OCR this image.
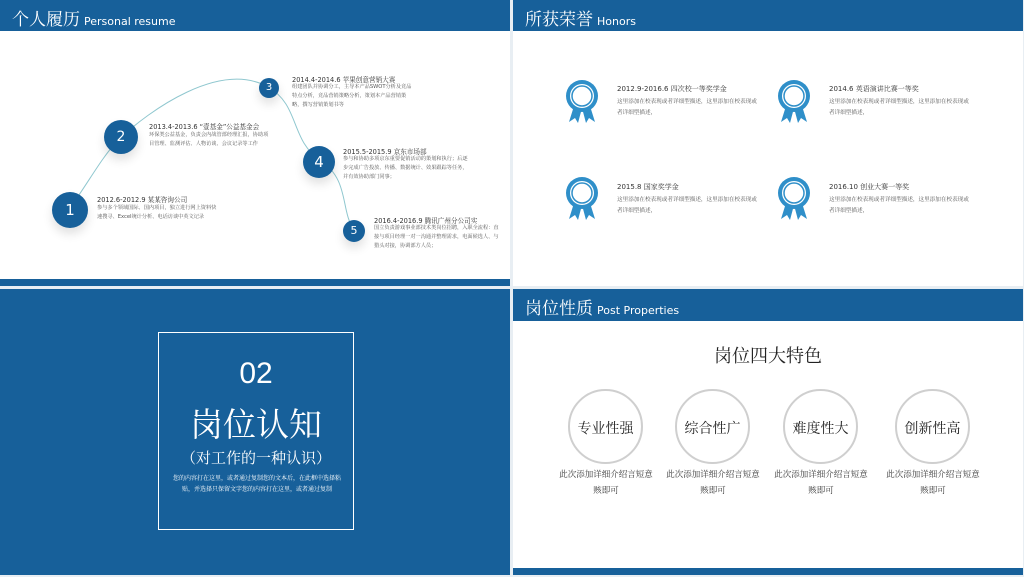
个人履历 Personal resume
1
2012.6-2012.9 某某咨询公司
参与多个领域国际、国内项目，独立进行网上资料快速搜寻、Excel统计分析、电话访谈中英文记录
2
2013.4-2013.6 “壹基金”公益基金会
环保类公益基金，负责会内战管部经理汇报，协助项目管理、监测评估、人物访谈、会议记录等工作
3
2014.4-2014.6 苹果创意营销大赛
组建团队并协调分工，主导本产品SWOT分析及竞品特点分析，竞品营销策略分析，策划本产品营销策略，撰写营销策划书等
4
2015.5-2015.9 京东市场部
参与和协助多项京东重要促销活动的策划和执行；后逐步完成广告投放、传播、数据统计、效果跟踪等任务，并有效协助部门同事；
5
2016.4-2016.9 腾讯广州分公司实
国立负责游戏事业部技术类岗位招聘，入职全流程：直接与项目经理一对一沟通并整理需求，电面候选人、与猎头对接，协调部方人员；
所获荣誉 Honors
2012.9-2016.6 四次校一等奖学金
这里添加在校表现或者详细型描述，这里添加在校表现或者详细型描述，
2014.6 英语演讲比赛一等奖
这里添加在校表现或者详细型描述，这里添加在校表现或者详细型描述，
2015.8 国家奖学金
这里添加在校表现或者详细型描述，这里添加在校表现或者详细型描述，
2016.10 创业大赛一等奖
这里添加在校表现或者详细型描述，这里添加在校表现或者详细型描述，
02
岗位认知
（对工作的一种认识）
您的内容打在这里，或者通过复制您的文本后，在此框中选择粘贴，并选择只保留文字您的内容打在这里，或者通过复制
岗位性质 Post Properties
岗位四大特色
专业性强
此次添加详细介绍言短意赅即可
综合性广
此次添加详细介绍言短意赅即可
难度性大
此次添加详细介绍言短意赅即可
创新性高
此次添加详细介绍言短意赅即可
